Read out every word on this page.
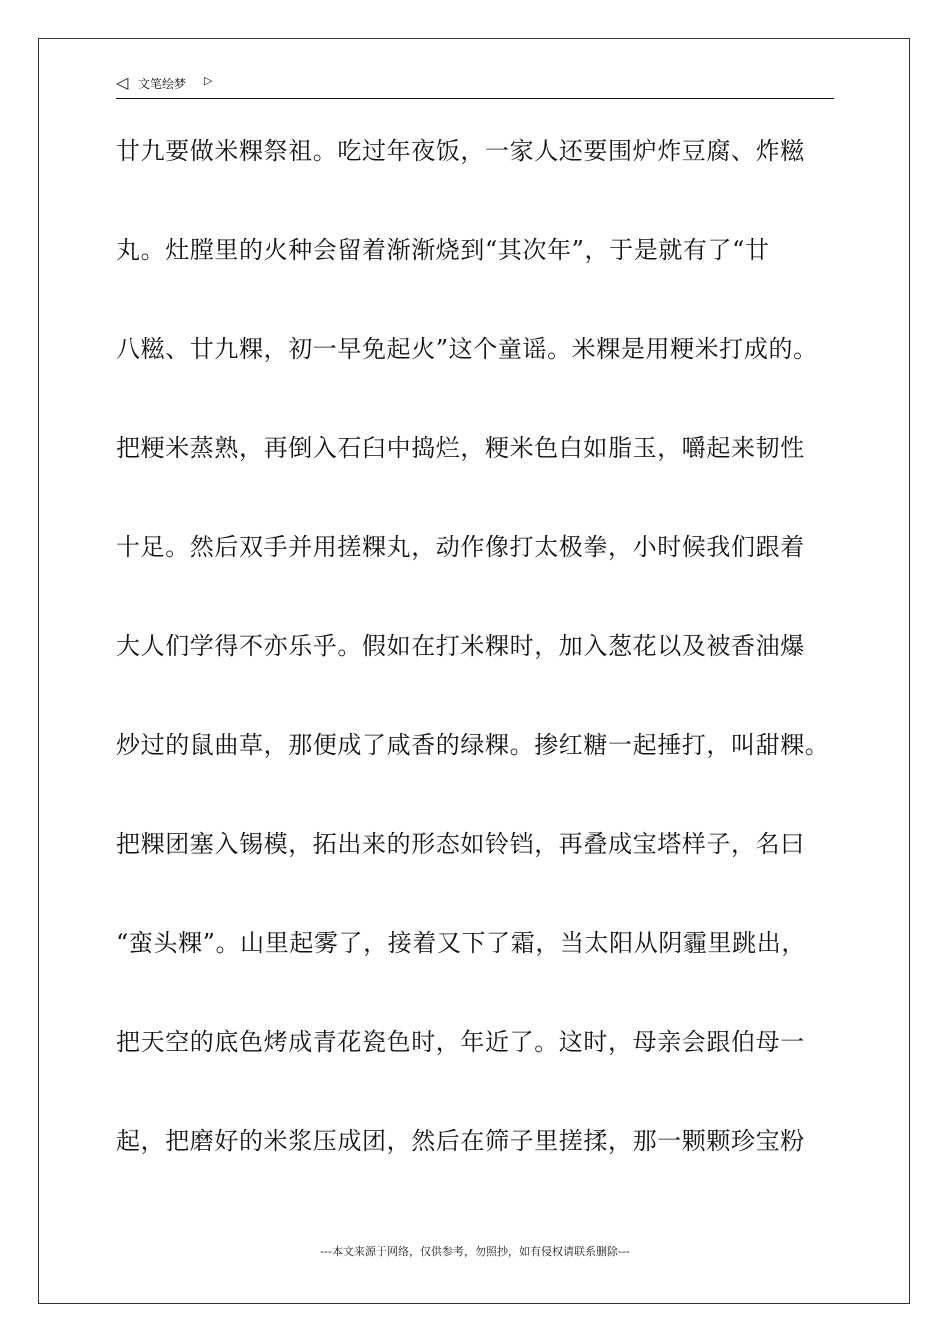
◁ 文笔绘梦 ▷
廿九要做米粿祭祖。吃过年夜饭，一家人还要围炉炸豆腐、炸糍
丸。灶膛里的火种会留着渐渐烧到“其次年”，于是就有了“廿
八糍、廿九粿，初一早免起火”这个童谣。米粿是用粳米打成的。
把粳米蒸熟，再倒入石臼中捣烂，粳米色白如脂玉，嚼起来韧性
十足。然后双手并用搓粿丸，动作像打太极拳，小时候我们跟着
大人们学得不亦乐乎。假如在打米粿时，加入葱花以及被香油爆
炒过的鼠曲草，那便成了咸香的绿粿。掺红糖一起捶打，叫甜粿。
把粿团塞入锡模，拓出来的形态如铃铛，再叠成宝塔样子，名曰
“蛮头粿”。山里起雾了，接着又下了霜，当太阳从阴霾里跳出，
把天空的底色烤成青花瓷色时，年近了。这时，母亲会跟伯母一
起，把磨好的米浆压成团，然后在筛子里搓揉，那一颗颗珍宝粉
---本文来源于网络，仅供参考，勿照抄，如有侵权请联系删除---
